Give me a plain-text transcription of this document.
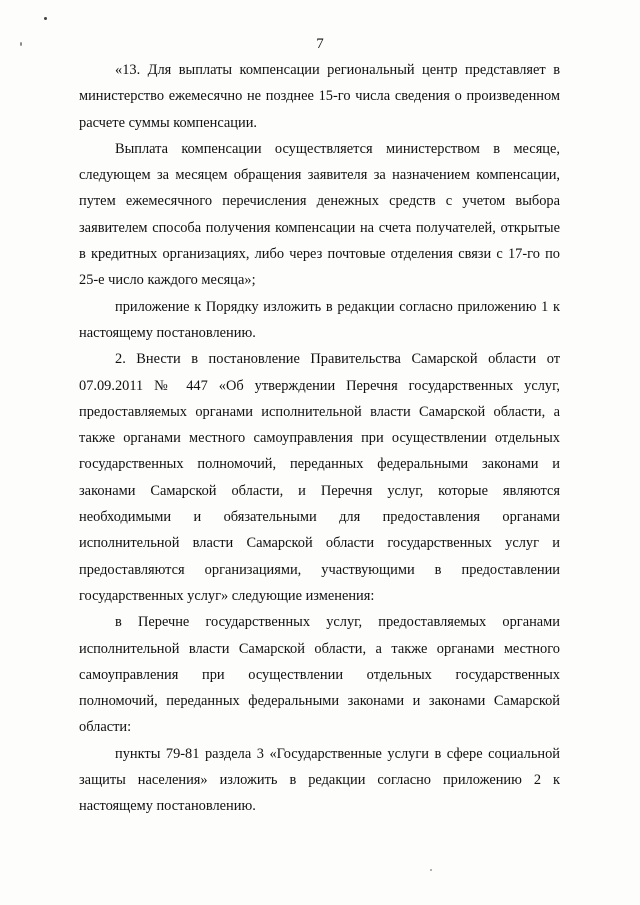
7

«13. Для выплаты компенсации региональный центр представляет в министерство ежемесячно не позднее 15-го числа сведения о произведенном расчете суммы компенсации.

Выплата компенсации осуществляется министерством в месяце, следующем за месяцем обращения заявителя за назначением компенсации, путем ежемесячного перечисления денежных средств с учетом выбора заявителем способа получения компенсации на счета получателей, открытые в кредитных организациях, либо через почтовые отделения связи с 17-го по 25-е число каждого месяца»;

приложение к Порядку изложить в редакции согласно приложению 1 к настоящему постановлению.

2. Внести в постановление Правительства Самарской области от 07.09.2011 № 447 «Об утверждении Перечня государственных услуг, предоставляемых органами исполнительной власти Самарской области, а также органами местного самоуправления при осуществлении отдельных государственных полномочий, переданных федеральными законами и законами Самарской области, и Перечня услуг, которые являются необходимыми и обязательными для предоставления органами исполнительной власти Самарской области государственных услуг и предоставляются организациями, участвующими в предоставлении государственных услуг» следующие изменения:

в Перечне государственных услуг, предоставляемых органами исполнительной власти Самарской области, а также органами местного самоуправления при осуществлении отдельных государственных полномочий, переданных федеральными законами и законами Самарской области:

пункты 79-81 раздела 3 «Государственные услуги в сфере социальной защиты населения» изложить в редакции согласно приложению 2 к настоящему постановлению.
